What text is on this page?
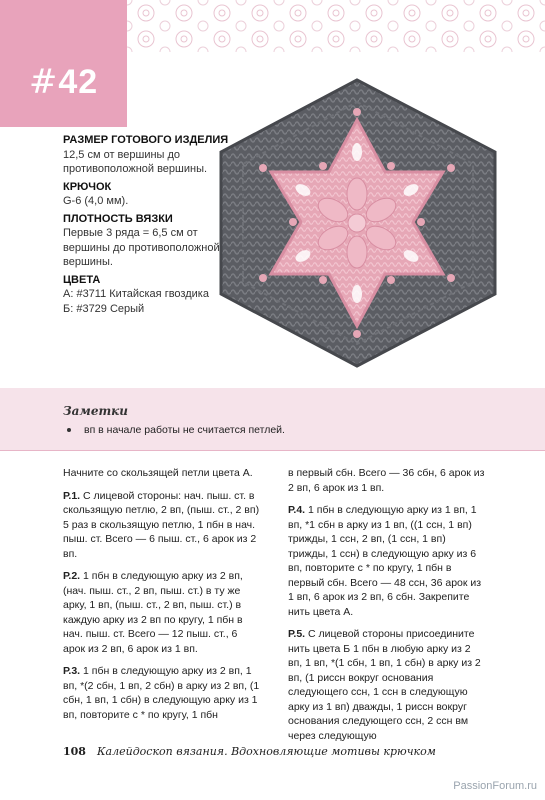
#42
РАЗМЕР ГОТОВОГО ИЗДЕЛИЯ
12,5 см от вершины до противоположной вершины.
КРЮЧОК
G-6 (4,0 мм).
ПЛОТНОСТЬ ВЯЗКИ
Первые 3 ряда = 6,5 см от вершины до противоположной вершины.
ЦВЕТА
А: #3711 Китайская гвоздика
Б: #3729 Серый
Заметки
вп в начале работы не считается петлей.

Начните со скользящей петли цвета А.

Р.1. С лицевой стороны: нач. пыш. ст. в скользящую петлю, 2 вп, (пыш. ст., 2 вп) 5 раз в скользящую петлю, 1 пбн в нач. пыш. ст. Всего — 6 пыш. ст., 6 арок из 2 вп.

Р.2. 1 пбн в следующую арку из 2 вп, (нач. пыш. ст., 2 вп, пыш. ст.) в ту же арку, 1 вп, (пыш. ст., 2 вп, пыш. ст.) в каждую арку из 2 вп по кругу, 1 пбн в нач. пыш. ст. Всего — 12 пыш. ст., 6 арок из 2 вп, 6 арок из 1 вп.

Р.3. 1 пбн в следующую арку из 2 вп, 1 вп, *(2 сбн, 1 вп, 2 сбн) в арку из 2 вп, (1 сбн, 1 вп, 1 сбн) в следующую арку из 1 вп, повторите с * по кругу, 1 пбн

в первый сбн. Всего — 36 сбн, 6 арок из 2 вп, 6 арок из 1 вп.

Р.4. 1 пбн в следующую арку из 1 вп, 1 вп, *1 сбн в арку из 1 вп, ((1 ссн, 1 вп) трижды, 1 ссн, 2 вп, (1 ссн, 1 вп) трижды, 1 ссн) в следующую арку из 6 вп, повторите с * по кругу, 1 пбн в первый сбн. Всего — 48 ссн, 36 арок из 1 вп, 6 арок из 2 вп, 6 сбн. Закрепите нить цвета А.

Р.5. С лицевой стороны присоедините нить цвета Б 1 пбн в любую арку из 2 вп, 1 вп, *(1 сбн, 1 вп, 1 сбн) в арку из 2 вп, (1 риссн вокруг основания следующего ссн, 1 ссн в следующую арку из 1 вп) дважды, 1 риссн вокруг основания следующего ссн, 2 ссн вм через следующую

108 Калейдоскоп вязания. Вдохновляющие мотивы крючком
PassionForum.ru
